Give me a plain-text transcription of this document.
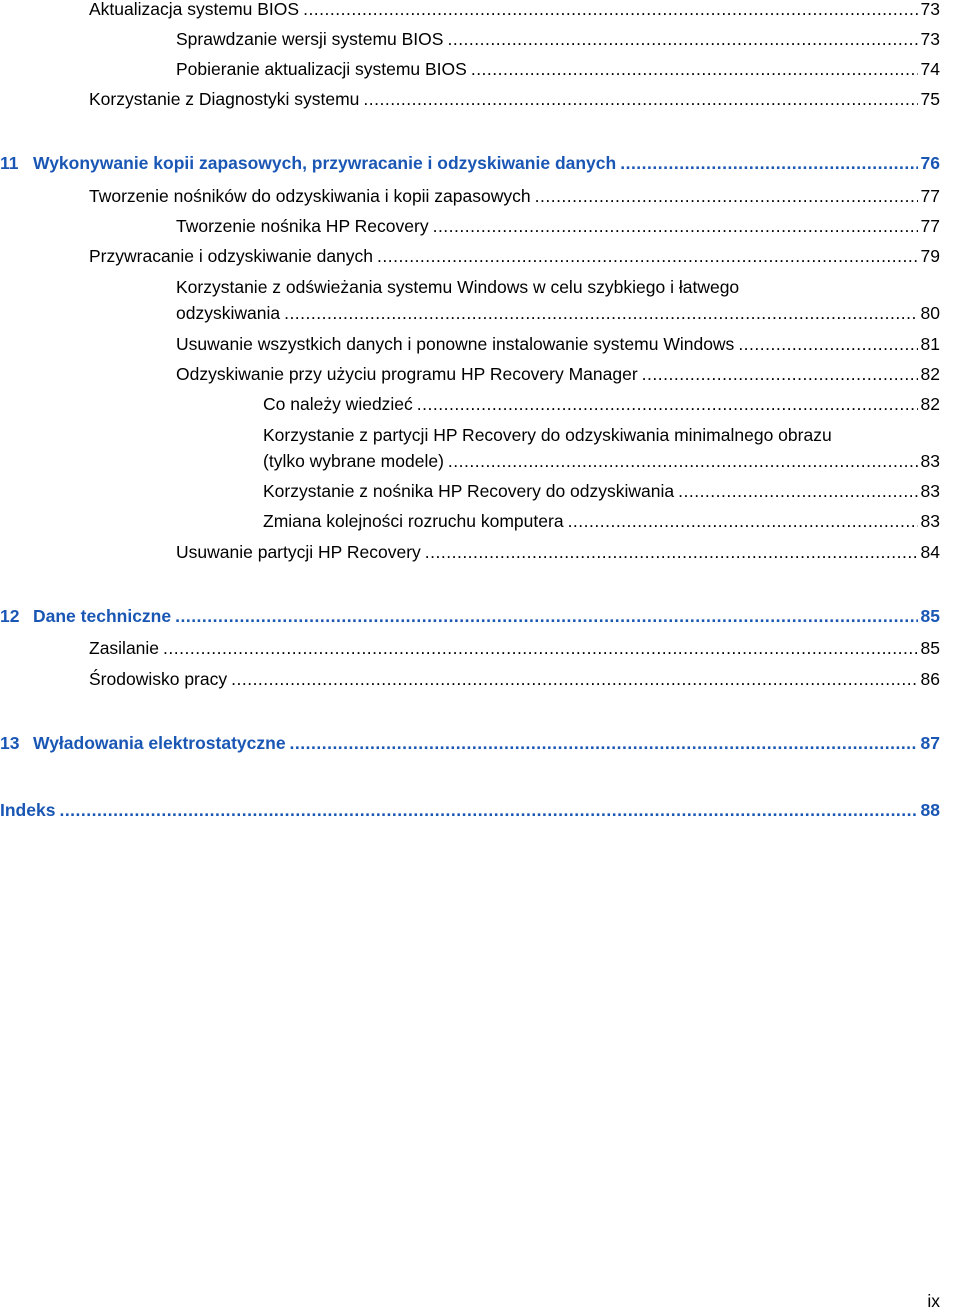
Aktualizacja systemu BIOS .....	73
Sprawdzanie wersji systemu BIOS .....	73
Pobieranie aktualizacji systemu BIOS .....	74
Korzystanie z Diagnostyki systemu .....	75
11 Wykonywanie kopii zapasowych, przywracanie i odzyskiwanie danych .....	76
Tworzenie nośników do odzyskiwania i kopii zapasowych .....	77
Tworzenie nośnika HP Recovery .....	77
Przywracanie i odzyskiwanie danych .....	79
Korzystanie z odświeżania systemu Windows w celu szybkiego i łatwego
odzyskiwania .....	80
Usuwanie wszystkich danych i ponowne instalowanie systemu Windows .....	81
Odzyskiwanie przy użyciu programu HP Recovery Manager .....	82
Co należy wiedzieć .....	82
Korzystanie z partycji HP Recovery do odzyskiwania minimalnego obrazu
(tylko wybrane modele) .....	83
Korzystanie z nośnika HP Recovery do odzyskiwania .....	83
Zmiana kolejności rozruchu komputera .....	83
Usuwanie partycji HP Recovery .....	84
12 Dane techniczne .....	85
Zasilanie .....	85
Środowisko pracy .....	86
13 Wyładowania elektrostatyczne .....	87
Indeks .....	88
ix
